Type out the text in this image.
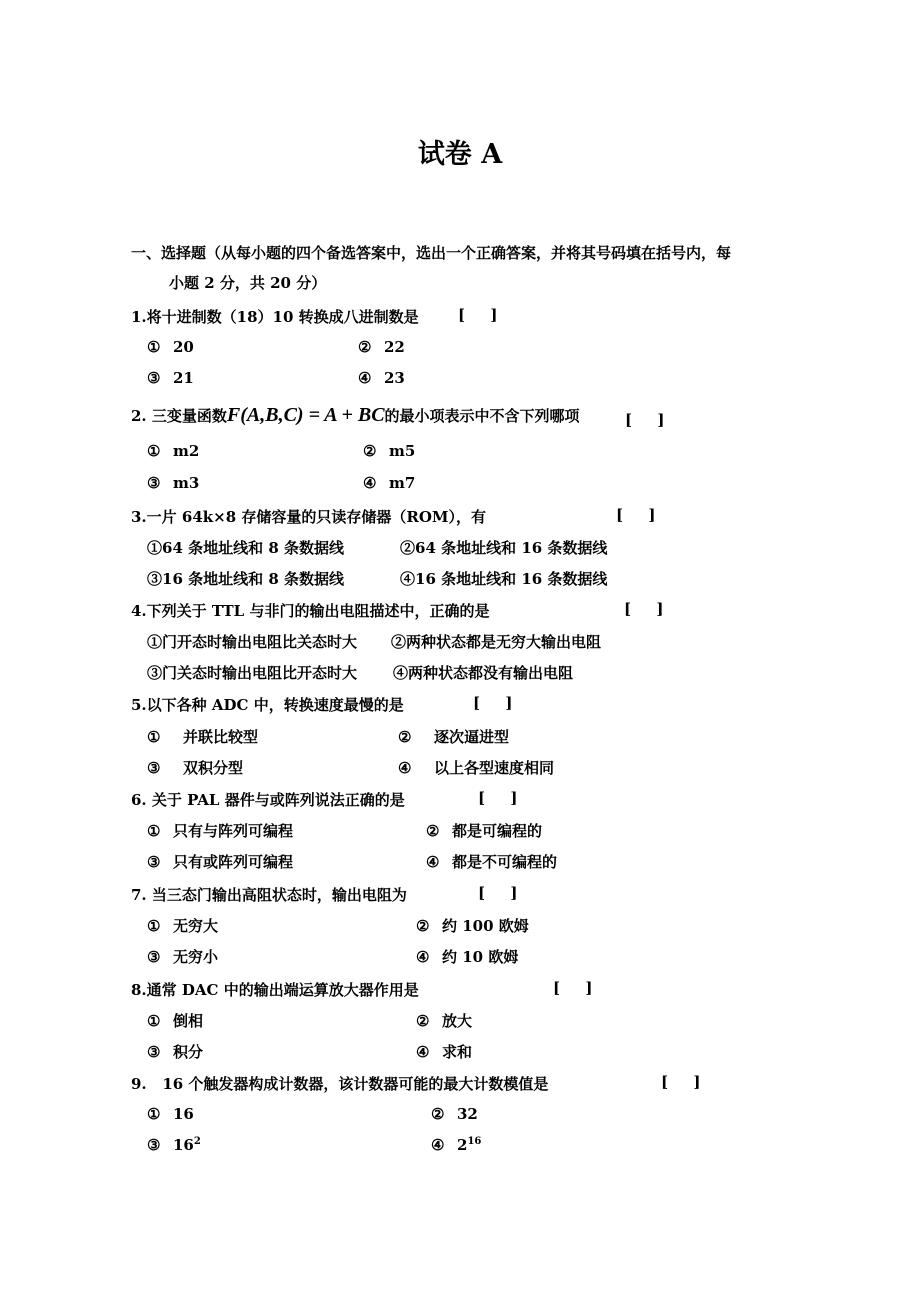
试卷 A
一、选择题（从每小题的四个备选答案中，选出一个正确答案，并将其号码填在括号内，每
小题 2 分，共 20 分）
1.将十进制数（18）10 转换成八进制数是	[ ]
① 20	② 22
③ 21	④ 23
2. 三变量函数F(A,B,C) = A + BC的最小项表示中不含下列哪项	[ ]
① m2	② m5
③ m3	④ m7
3.一片 64k×8 存储容量的只读存储器（ROM），有	[ ]
①64 条地址线和 8 条数据线	②64 条地址线和 16 条数据线
③16 条地址线和 8 条数据线	④16 条地址线和 16 条数据线
4.下列关于 TTL 与非门的输出电阻描述中，正确的是	[ ]
①门开态时输出电阻比关态时大 ②两种状态都是无穷大输出电阻
③门关态时输出电阻比开态时大 ④两种状态都没有输出电阻
5.以下各种 ADC 中，转换速度最慢的是	[ ]
① 并联比较型	② 逐次逼进型
③ 双积分型	④ 以上各型速度相同
6. 关于 PAL 器件与或阵列说法正确的是	[ ]
① 只有与阵列可编程	② 都是可编程的
③ 只有或阵列可编程	④ 都是不可编程的
7. 当三态门输出高阻状态时，输出电阻为	[ ]
① 无穷大	② 约 100 欧姆
③ 无穷小	④ 约 10 欧姆
8.通常 DAC 中的输出端运算放大器作用是	[ ]
① 倒相	② 放大
③ 积分	④ 求和
9.   16 个触发器构成计数器，该计数器可能的最大计数模值是	[ ]
① 16	② 32
③ $16^2$	④ $2^{16}$
